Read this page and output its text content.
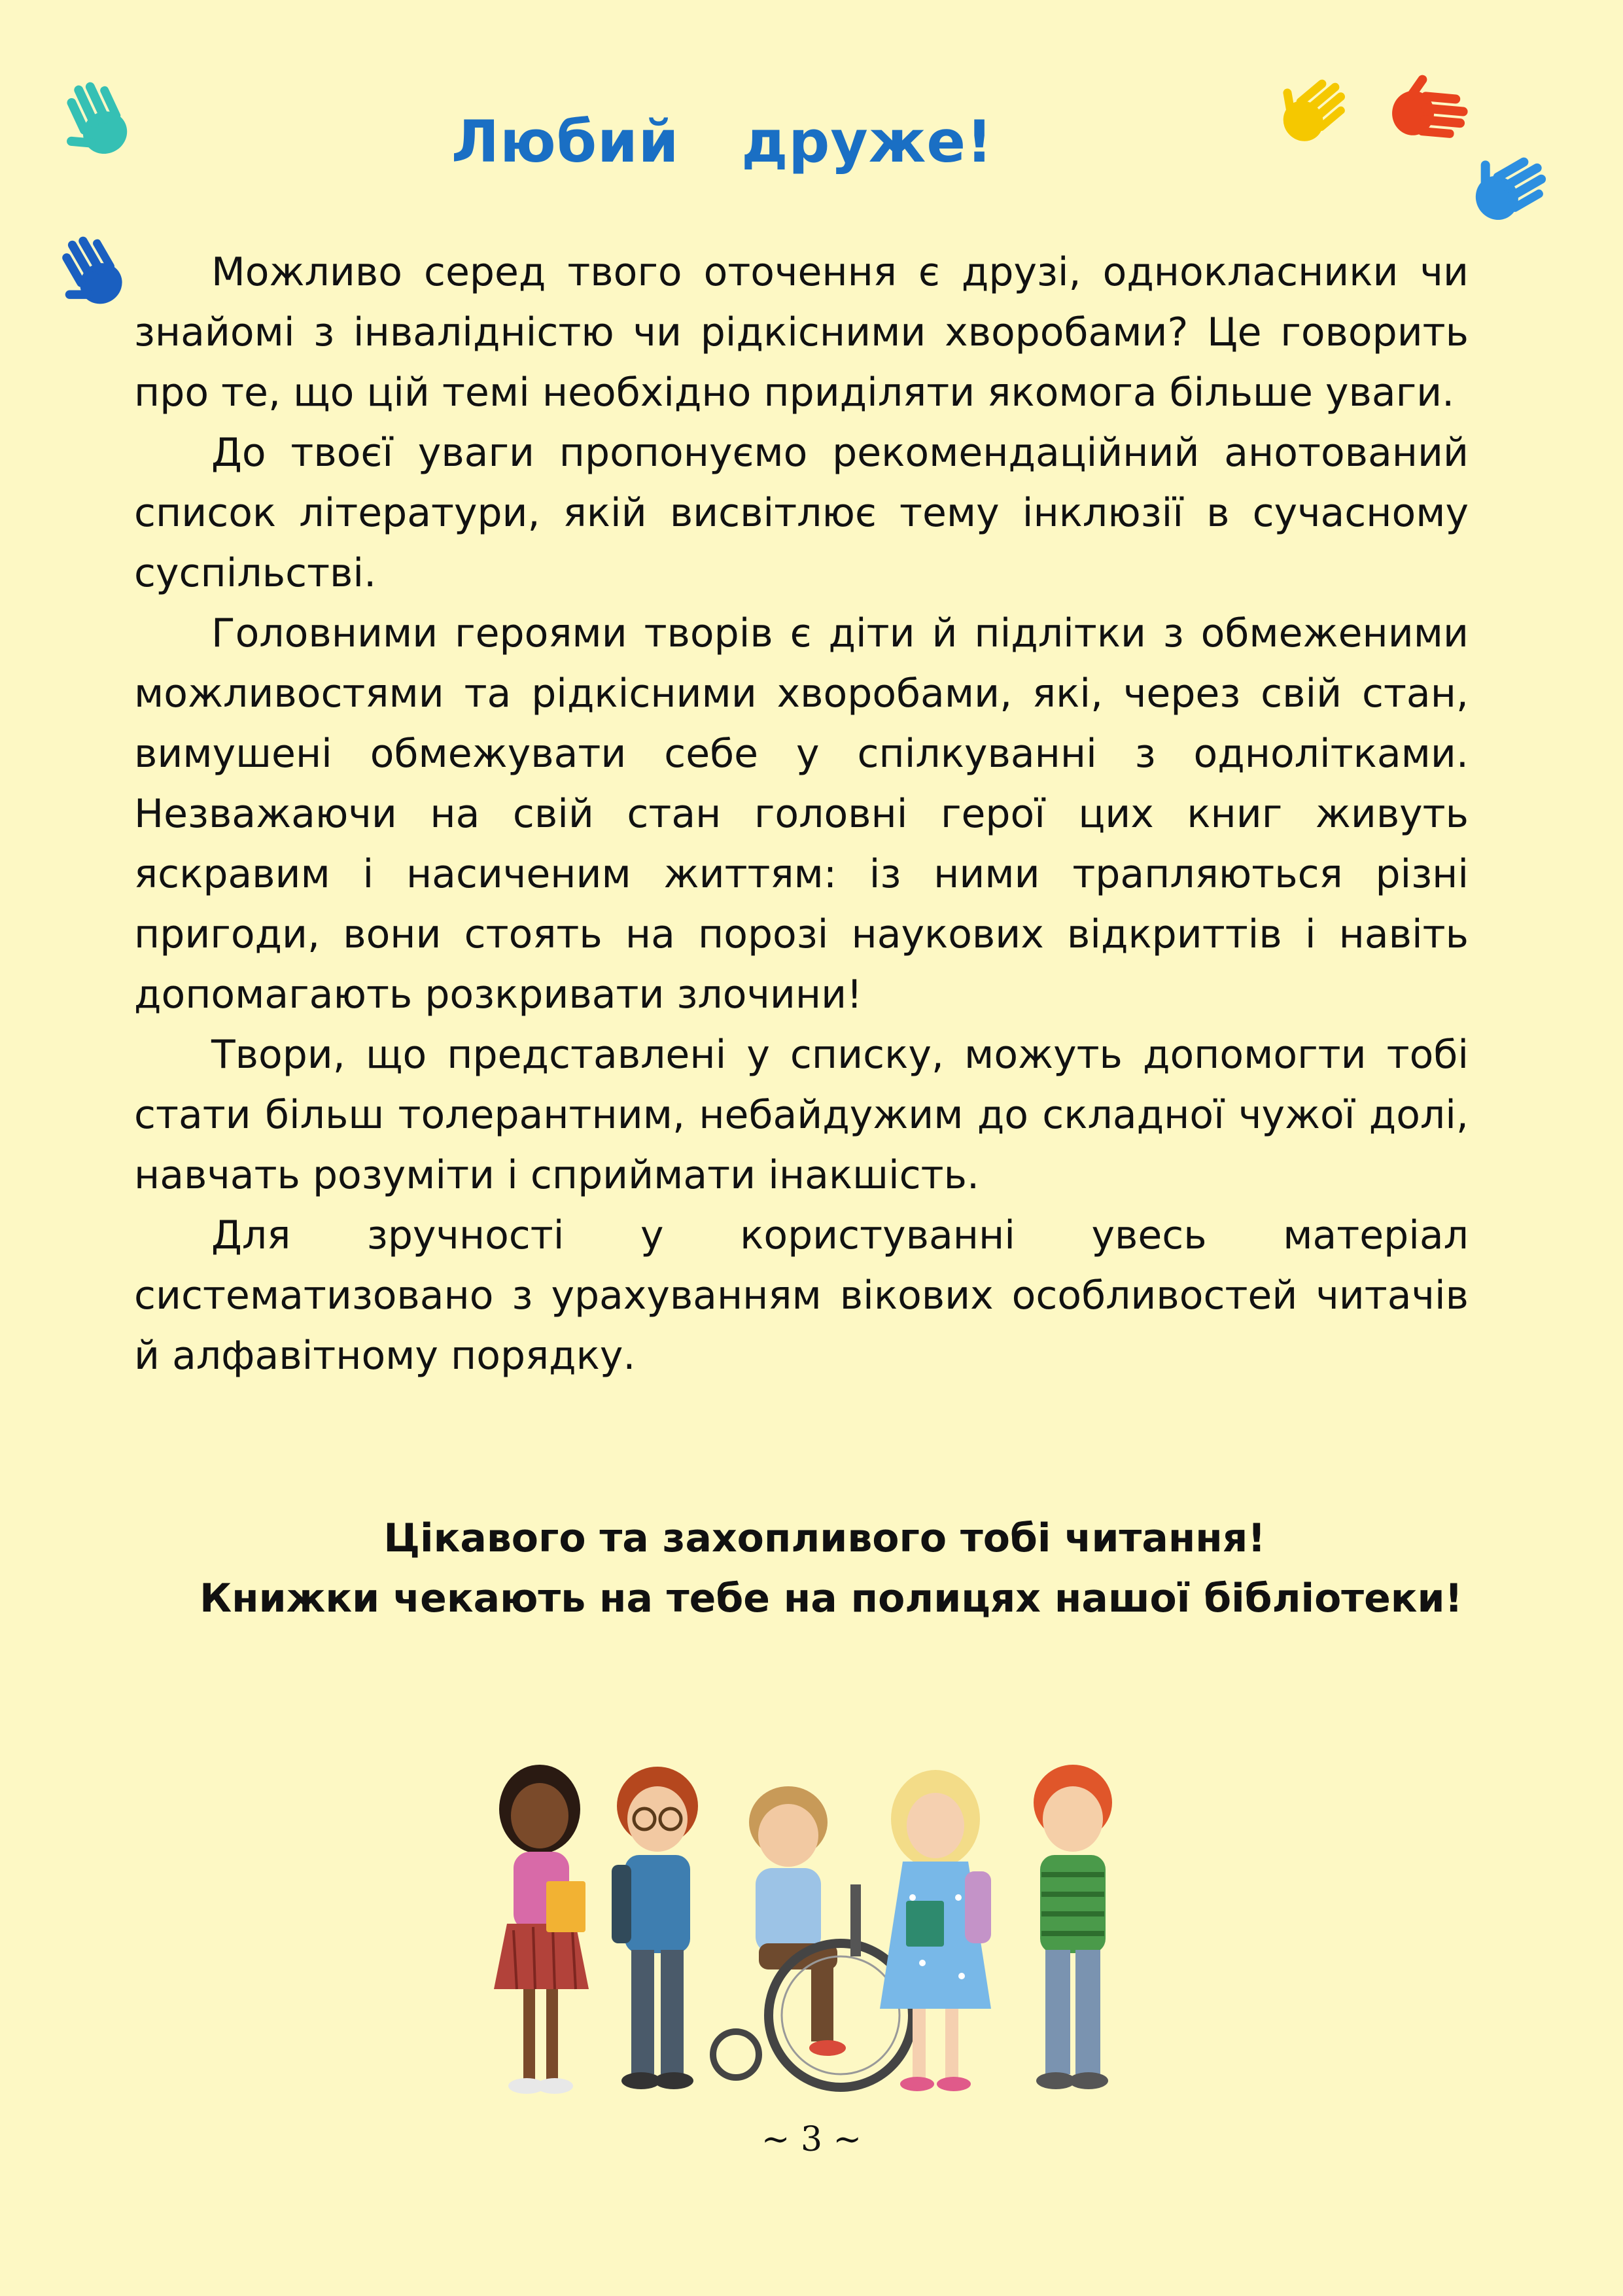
Любий   друже!

Можливо серед твого оточення є друзі, однокласники чи знайомі з інвалідністю чи рідкісними хворобами? Це говорить про те, що цій темі необхідно приділяти якомога більше уваги.

До твоєї уваги пропонуємо рекомендаційний анотований список літератури, якій висвітлює тему інклюзії в сучасному суспільстві.

Головними героями творів є діти й підлітки з обмеженими можливостями та рідкісними хворобами, які, через свій стан, вимушені обмежувати себе у спілкуванні з однолітками. Незважаючи на свій стан головні герої цих книг живуть яскравим і насиченим життям: із ними трапляються різні пригоди, вони стоять на порозі наукових відкриттів і навіть допомагають розкривати злочини!

Твори, що представлені у списку, можуть допомогти тобі стати більш толерантним, небайдужим до складної чужої долі, навчать розуміти і сприймати інакшість.

Для зручності у користуванні увесь матеріал систематизовано з урахуванням вікових особливостей читачів й алфавітному порядку.

Цікавого та захопливого тобі читання!
Книжки чекають на тебе на полицях нашої бібліотеки!
~ 3 ~
